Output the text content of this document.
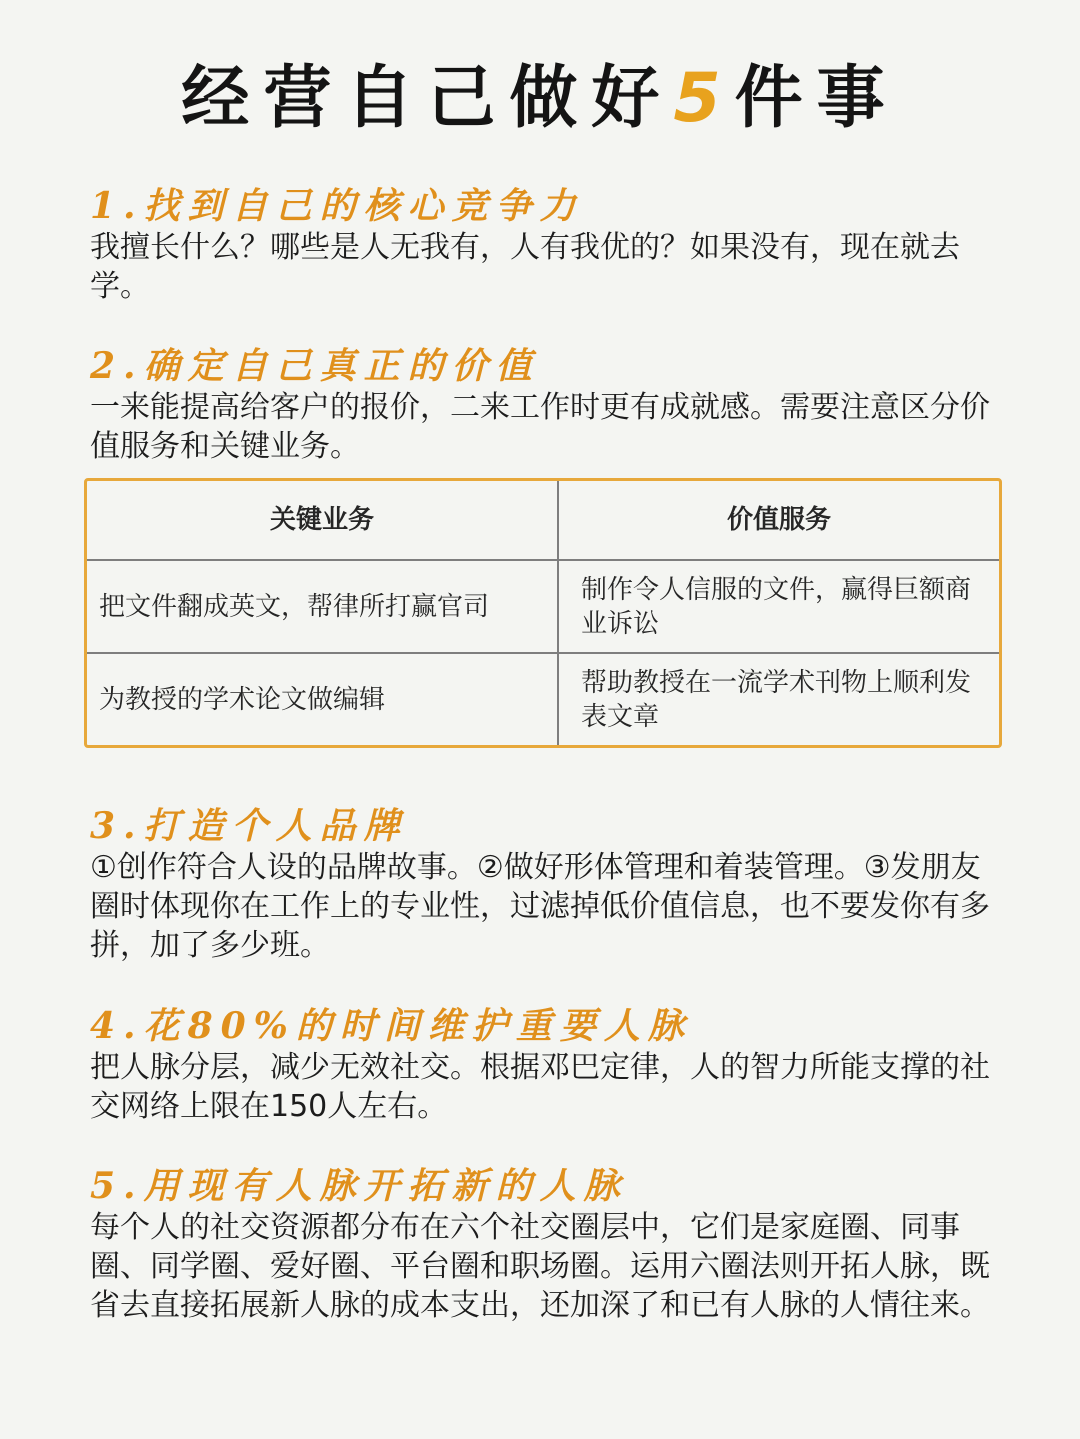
经营自己做好5件事

1.找到自己的核心竞争力

我擅长什么？哪些是人无我有，人有我优的？如果没有，现在就去学。

2.确定自己真正的价值

一来能提高给客户的报价，二来工作时更有成就感。需要注意区分价值服务和关键业务。

关键业务	价值服务
把文件翻成英文，帮律所打赢官司	制作令人信服的文件，赢得巨额商业诉讼
为教授的学术论文做编辑	帮助教授在一流学术刊物上顺利发表文章

3.打造个人品牌

①创作符合人设的品牌故事。②做好形体管理和着装管理。③发朋友圈时体现你在工作上的专业性，过滤掉低价值信息，也不要发你有多拼，加了多少班。

4.花80%的时间维护重要人脉

把人脉分层，减少无效社交。根据邓巴定律，人的智力所能支撑的社交网络上限在150人左右。

5.用现有人脉开拓新的人脉

每个人的社交资源都分布在六个社交圈层中，它们是家庭圈、同事圈、同学圈、爱好圈、平台圈和职场圈。运用六圈法则开拓人脉，既省去直接拓展新人脉的成本支出，还加深了和已有人脉的人情往来。
